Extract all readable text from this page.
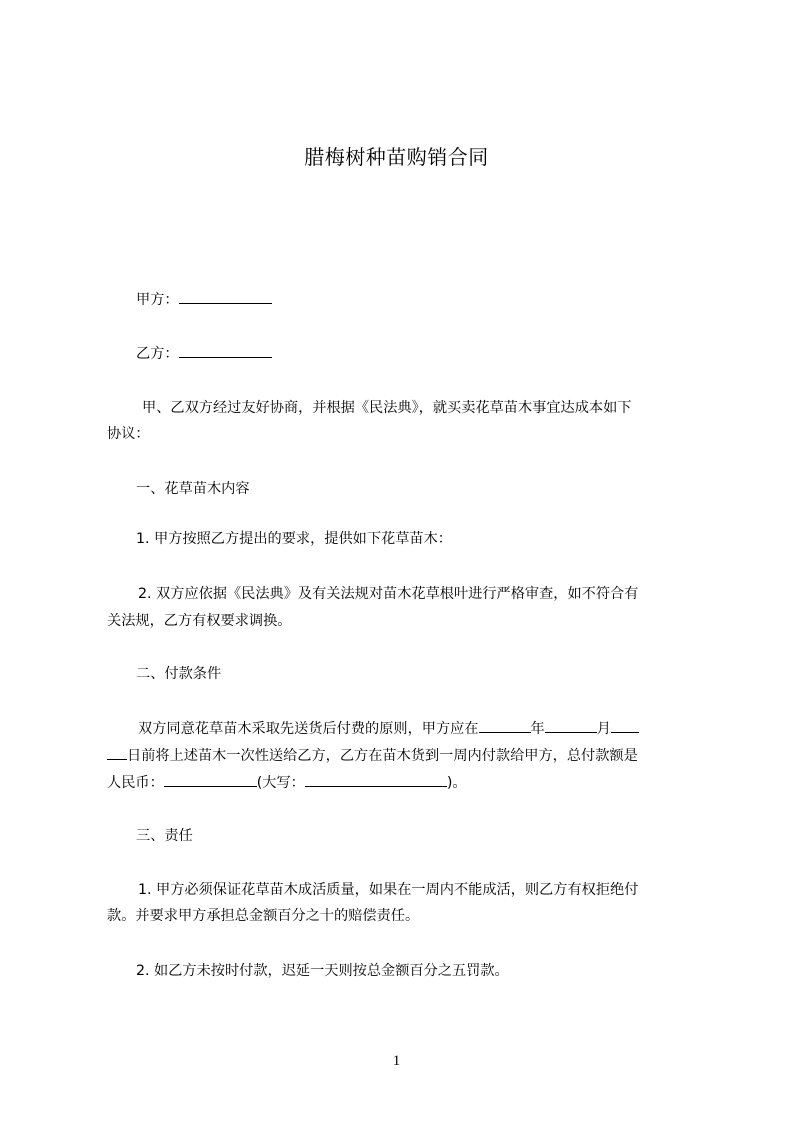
腊梅树种苗购销合同
甲方：
乙方：
甲、乙双方经过友好协商，并根据《民法典》，就买卖花草苗木事宜达成本如下
协议：
一、花草苗木内容
1. 甲方按照乙方提出的要求，提供如下花草苗木：
2. 双方应依据《民法典》及有关法规对苗木花草根叶进行严格审查，如不符合有
关法规，乙方有权要求调换。
二、付款条件
双方同意花草苗木采取先送货后付费的原则，甲方应在	年	月
日前将上述苗木一次性送给乙方，乙方在苗木货到一周内付款给甲方，总付款额是
人民币：	(大写：	)。
三、责任
1. 甲方必须保证花草苗木成活质量，如果在一周内不能成活，则乙方有权拒绝付
款。并要求甲方承担总金额百分之十的赔偿责任。
2. 如乙方未按时付款，迟延一天则按总金额百分之五罚款。
1
